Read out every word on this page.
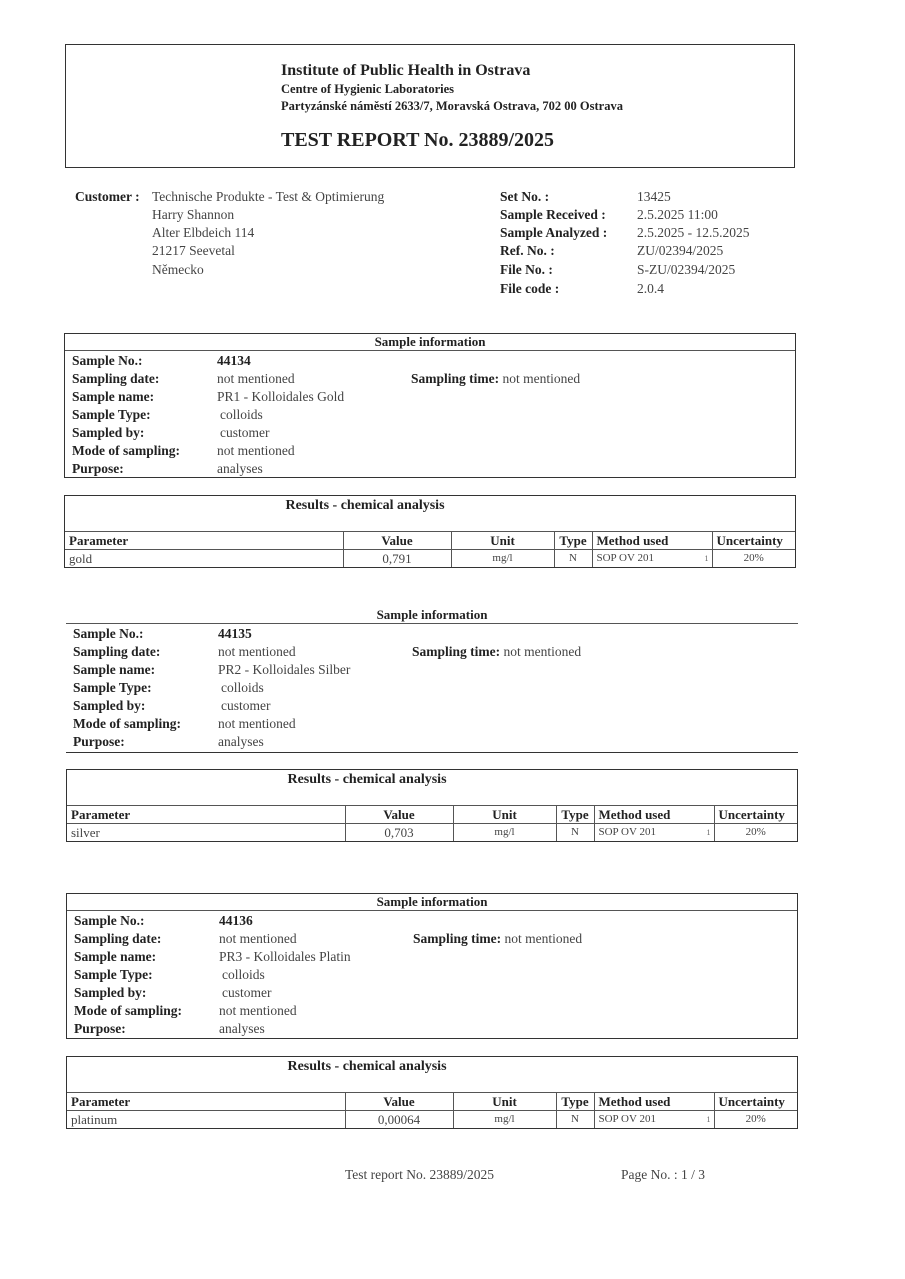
Institute of Public Health in Ostrava
Centre of Hygienic Laboratories
Partyzánské náměstí 2633/7, Moravská Ostrava, 702 00 Ostrava
TEST REPORT No. 23889/2025
Customer : Technische Produkte - Test & Optimierung
Harry Shannon
Alter Elbdeich 114
21217 Seevetal
Německo
Set No. :	13425
Sample Received : 2.5.2025 11:00
Sample Analyzed : 2.5.2025 - 12.5.2025
Ref. No. :	ZU/02394/2025
File No. :	S-ZU/02394/2025
File code :	2.0.4
Sample information
Sample No.:	44134
Sampling date:	not mentioned
Sample name:	PR1 - Kolloidales Gold
Sample Type:	colloids
Sampled by:	customer
Mode of sampling:	not mentioned
Purpose:	analyses
Sampling time: not mentioned
Results - chemical analysis
Parameter	Value	Unit	Type	Method used	Uncertainty
gold	0,791	mg/l	N	SOP OV 201 1	20%
Sample information
Sample No.:	44135
Sampling date:	not mentioned
Sample name:	PR2 - Kolloidales Silber
Sample Type:	colloids
Sampled by:	customer
Mode of sampling:	not mentioned
Purpose:	analyses
Sampling time: not mentioned
Results - chemical analysis
Parameter	Value	Unit	Type	Method used	Uncertainty
silver	0,703	mg/l	N	SOP OV 201 1	20%
Sample information
Sample No.:	44136
Sampling date:	not mentioned
Sample name:	PR3 - Kolloidales Platin
Sample Type:	colloids
Sampled by:	customer
Mode of sampling:	not mentioned
Purpose:	analyses
Sampling time: not mentioned
Results - chemical analysis
Parameter	Value	Unit	Type	Method used	Uncertainty
platinum	0,00064	mg/l	N	SOP OV 201 1	20%
Test report No. 23889/2025	Page No. : 1 / 3
